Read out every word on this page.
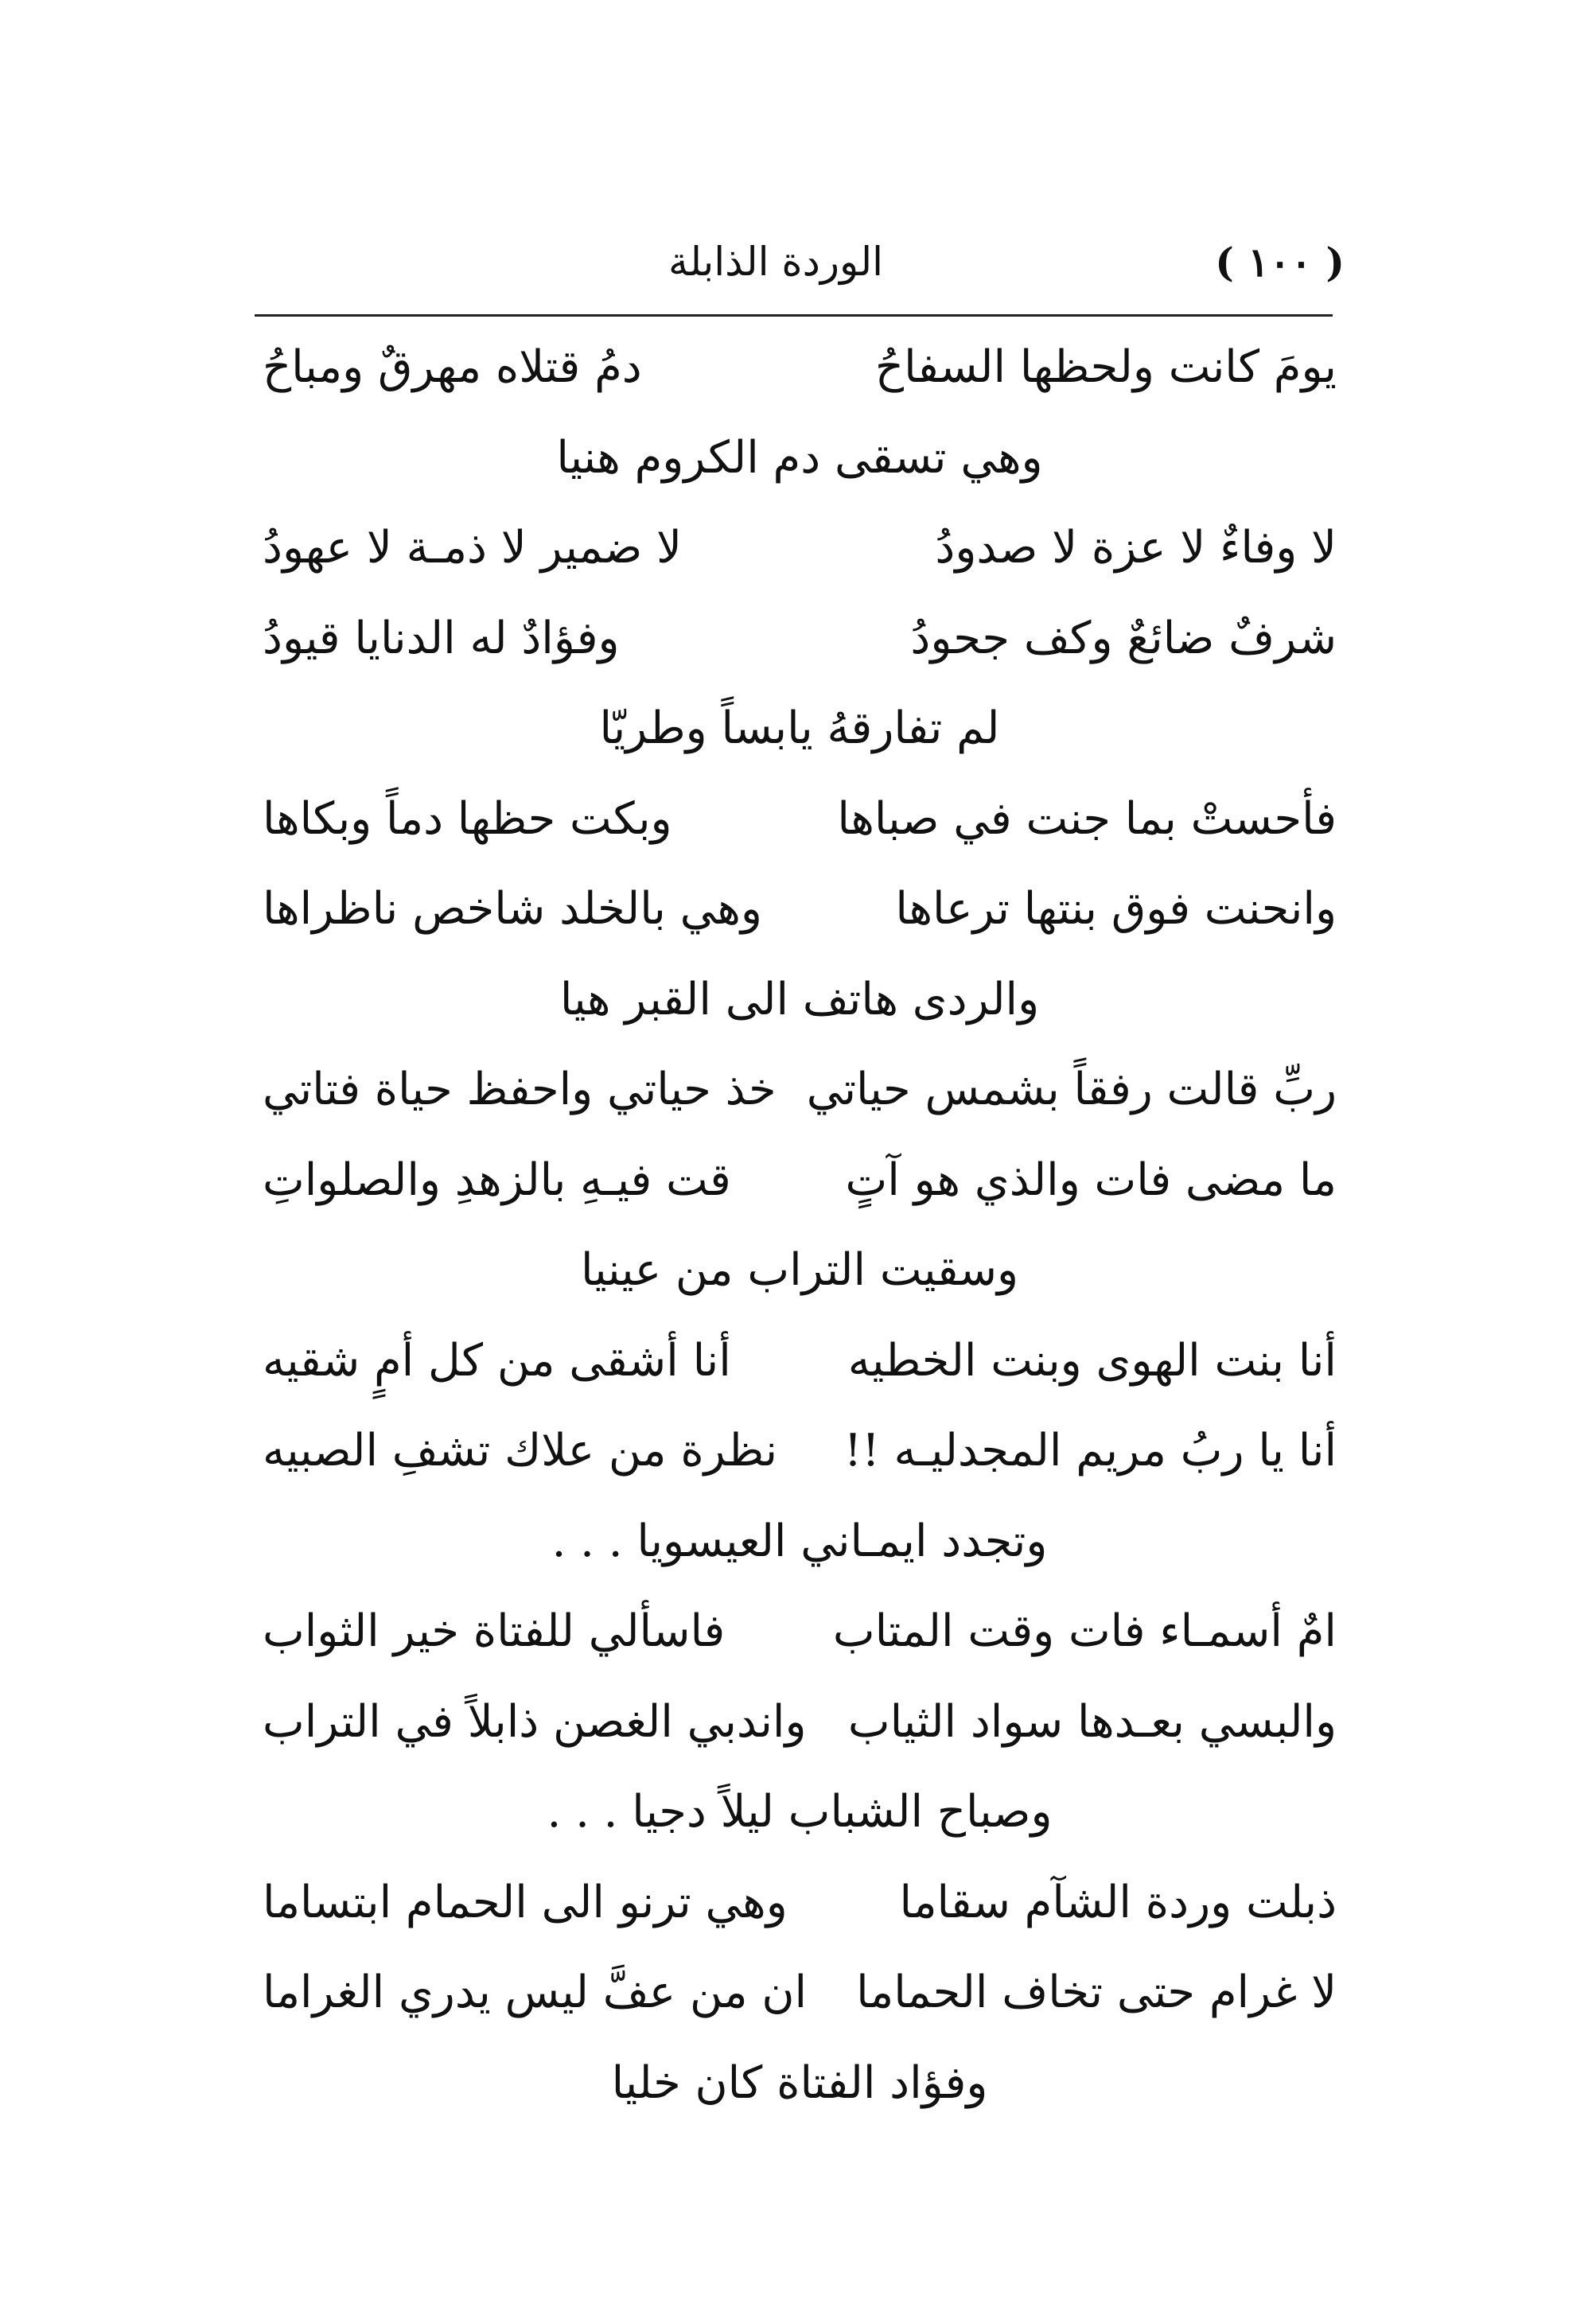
( ١٠٠ )
الوردة الذابلة
يومَ كانت ولحظها السفاحُ
دمُ قتلاه مهرقٌ ومباحُ
وهي تسقى دم الكروم هنيا
لا وفاءٌ لا عزة لا صدودُ
لا ضمير لا ذمـة لا عهودُ
شرفٌ ضائعٌ وكف جحودُ
وفؤادٌ له الدنايا قيودُ
لم تفارقهُ يابساً وطريّا
فأحستْ بما جنت في صباها
وبكت حظها دماً وبكاها
وانحنت فوق بنتها ترعاها
وهي بالخلد شاخص ناظراها
والردى هاتف الى القبر هيا
ربِّ قالت رفقاً بشمس حياتي
خذ حياتي واحفظ حياة فتاتي
ما مضى فات والذي هو آتٍ
قت فيـهِ بالزهدِ والصلواتِ
وسقيت التراب من عينيا
أنا بنت الهوى وبنت الخطيه
أنا أشقى من كل أمٍ شقيه
أنا يا ربُ مريم المجدليـه !!
نظرة من علاك تشفِ الصبيه
وتجدد ايمـاني العيسويا . . .
امٌ أسمـاء فات وقت المتاب
فاسألي للفتاة خير الثواب
والبسي بعـدها سواد الثياب
واندبي الغصن ذابلاً في التراب
وصباح الشباب ليلاً دجيا . . .
ذبلت وردة الشآم سقاما
وهي ترنو الى الحمام ابتساما
لا غرام حتى تخاف الحماما
ان من عفَّ ليس يدري الغراما
وفؤاد الفتاة كان خليا
